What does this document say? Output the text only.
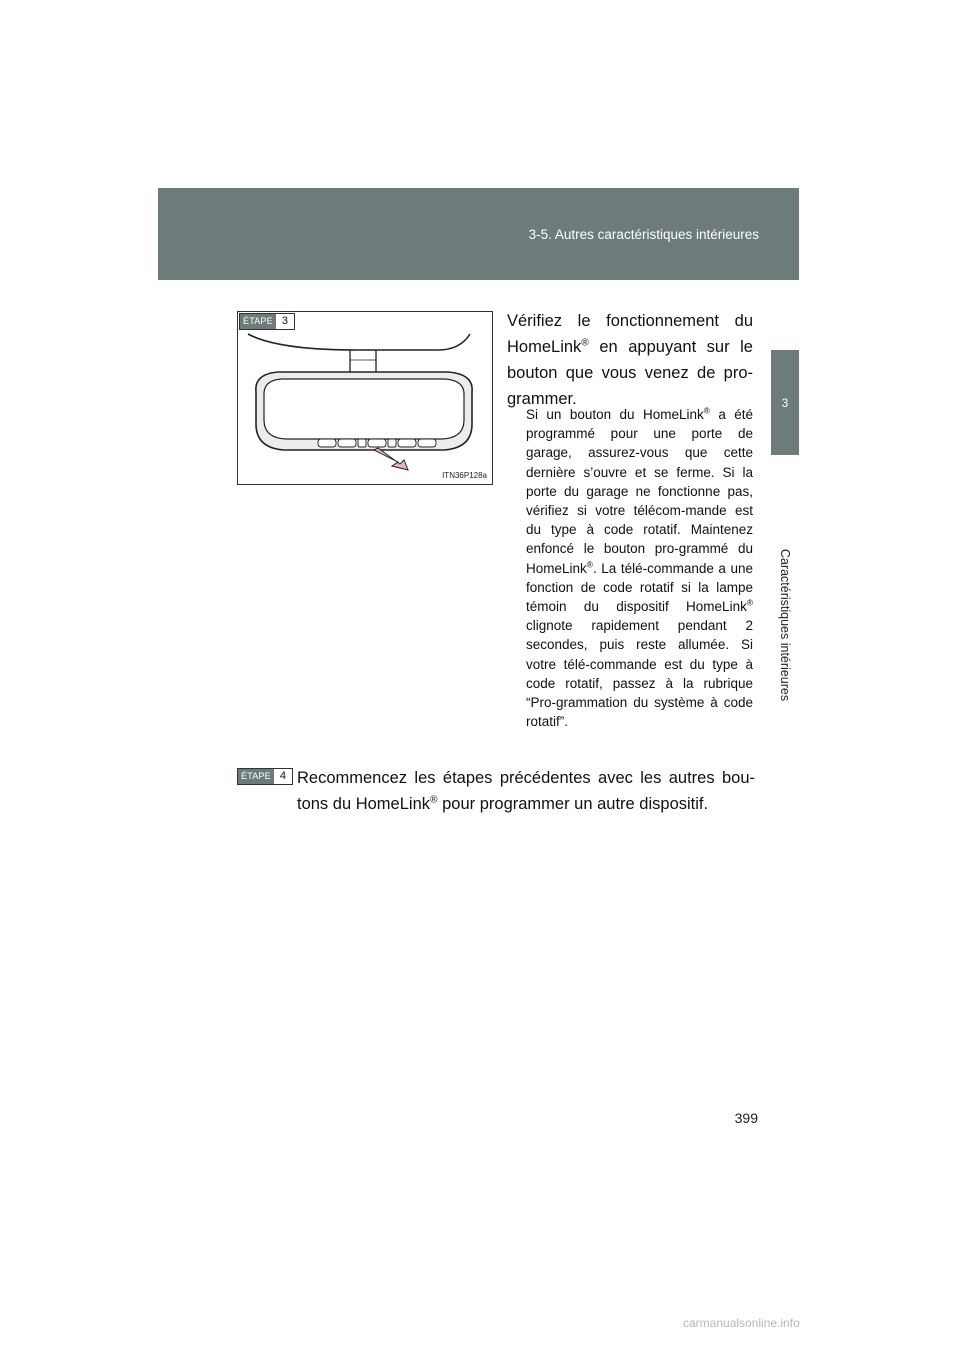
3-5. Autres caractéristiques intérieures
3
Caractéristiques intérieures
ÉTAPE 3
ITN36P128a
Vérifiez le fonctionnement du HomeLink® en appuyant sur le bouton que vous venez de pro-grammer.
Si un bouton du HomeLink® a été programmé pour une porte de garage, assurez-vous que cette dernière s’ouvre et se ferme. Si la porte du garage ne fonctionne pas, vérifiez si votre télécom-mande est du type à code rotatif. Maintenez enfoncé le bouton pro-grammé du HomeLink®. La télé-commande a une fonction de code rotatif si la lampe témoin du dispositif HomeLink® clignote rapidement pendant 2 secondes, puis reste allumée. Si votre télé-commande est du type à code rotatif, passez à la rubrique “Pro-grammation du système à code rotatif”.
ÉTAPE 4 Recommencez les étapes précédentes avec les autres bou-tons du HomeLink® pour programmer un autre dispositif.
399
carmanualsonline.info
